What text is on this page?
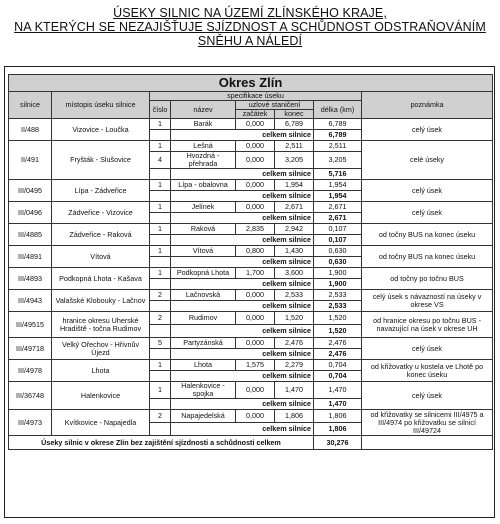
ÚSEKY SILNIC NA ÚZEMÍ ZLÍNSKÉHO KRAJE,
NA KTERÝCH SE NEZAJIŠŤUJE SJÍZDNOST A SCHŮDNOST ODSTRAŇOVÁNÍM
SNĚHU A NÁLEDÍ
Okres Zlín							
silnice	místopis úseku silnice	specifikace úseku					poznámka
		číslo	název	uzlové staničení		délka (km)	
				začátek	konec		
II/488	Vizovice - Loučka	1	Barák	0,000	6,789	6,789	celý úsek
			celkem silnice			6,789	
II/491	Fryšták - Slušovice	1	Lešná	0,000	2,511	2,511	celé úseky
		4	Hvozdná - přehrada	0,000	3,205	3,205	
			celkem silnice			5,716	
III/0495	Lípa - Zádveřice	1	Lípa - obalovna	0,000	1,954	1,954	celý úsek
			celkem silnice			1,954	
III/0496	Zádveřice - Vizovice	1	Jelínek	0,000	2,671	2,671	celý úsek
			celkem silnice			2,671	
III/4885	Zádveřice - Raková	1	Raková	2,835	2,942	0,107	od točny BUS na konec úseku
			celkem silnice			0,107	
III/4891	Vítová	1	Vítová	0,800	1,430	0,630	od točny BUS na konec úseku
			celkem silnice			0,630	
III/4893	Podkopná Lhota - Kašava	1	Podkopná Lhota	1,700	3,600	1,900	od točny po točnu BUS
			celkem silnice			1,900	
III/4943	Valašské Klobouky - Lačnov	2	Lačnovská	0,000	2,533	2,533	celý úsek s návazností na úseky v okrese VS
			celkem silnice			2,533	
III/49515	hranice okresu Uherské Hradiště - točna Rudimov	2	Rudimov	0,000	1,520	1,520	od hranice okresu po točnu BUS - navazující na úsek v okrese UH
			celkem silnice			1,520	
III/49718	Velký Ořechov - Hřivnův Újezd	5	Partyzánská	0,000	2,476	2,476	celý úsek
			celkem silnice			2,476	
III/4978	Lhota	1	Lhota	1,575	2,279	0,704	od křižovatky u kostela ve Lhotě po konec úseku
			celkem silnice			0,704	
III/36748	Halenkovice	1	Halenkovice - spojka	0,000	1,470	1,470	celý úsek
			celkem silnice			1,470	
III/4973	Kvítkovice - Napajedla	2	Napajedelská	0,000	1,806	1,806	od křižovatky se silnicemi III/4975 a III/4974 po křižovatku se silnicí III/49724
			celkem silnice			1,806	
Úseky silnic v okrese Zlín bez zajištění sjízdnosti a schůdnosti celkem						30,276	
